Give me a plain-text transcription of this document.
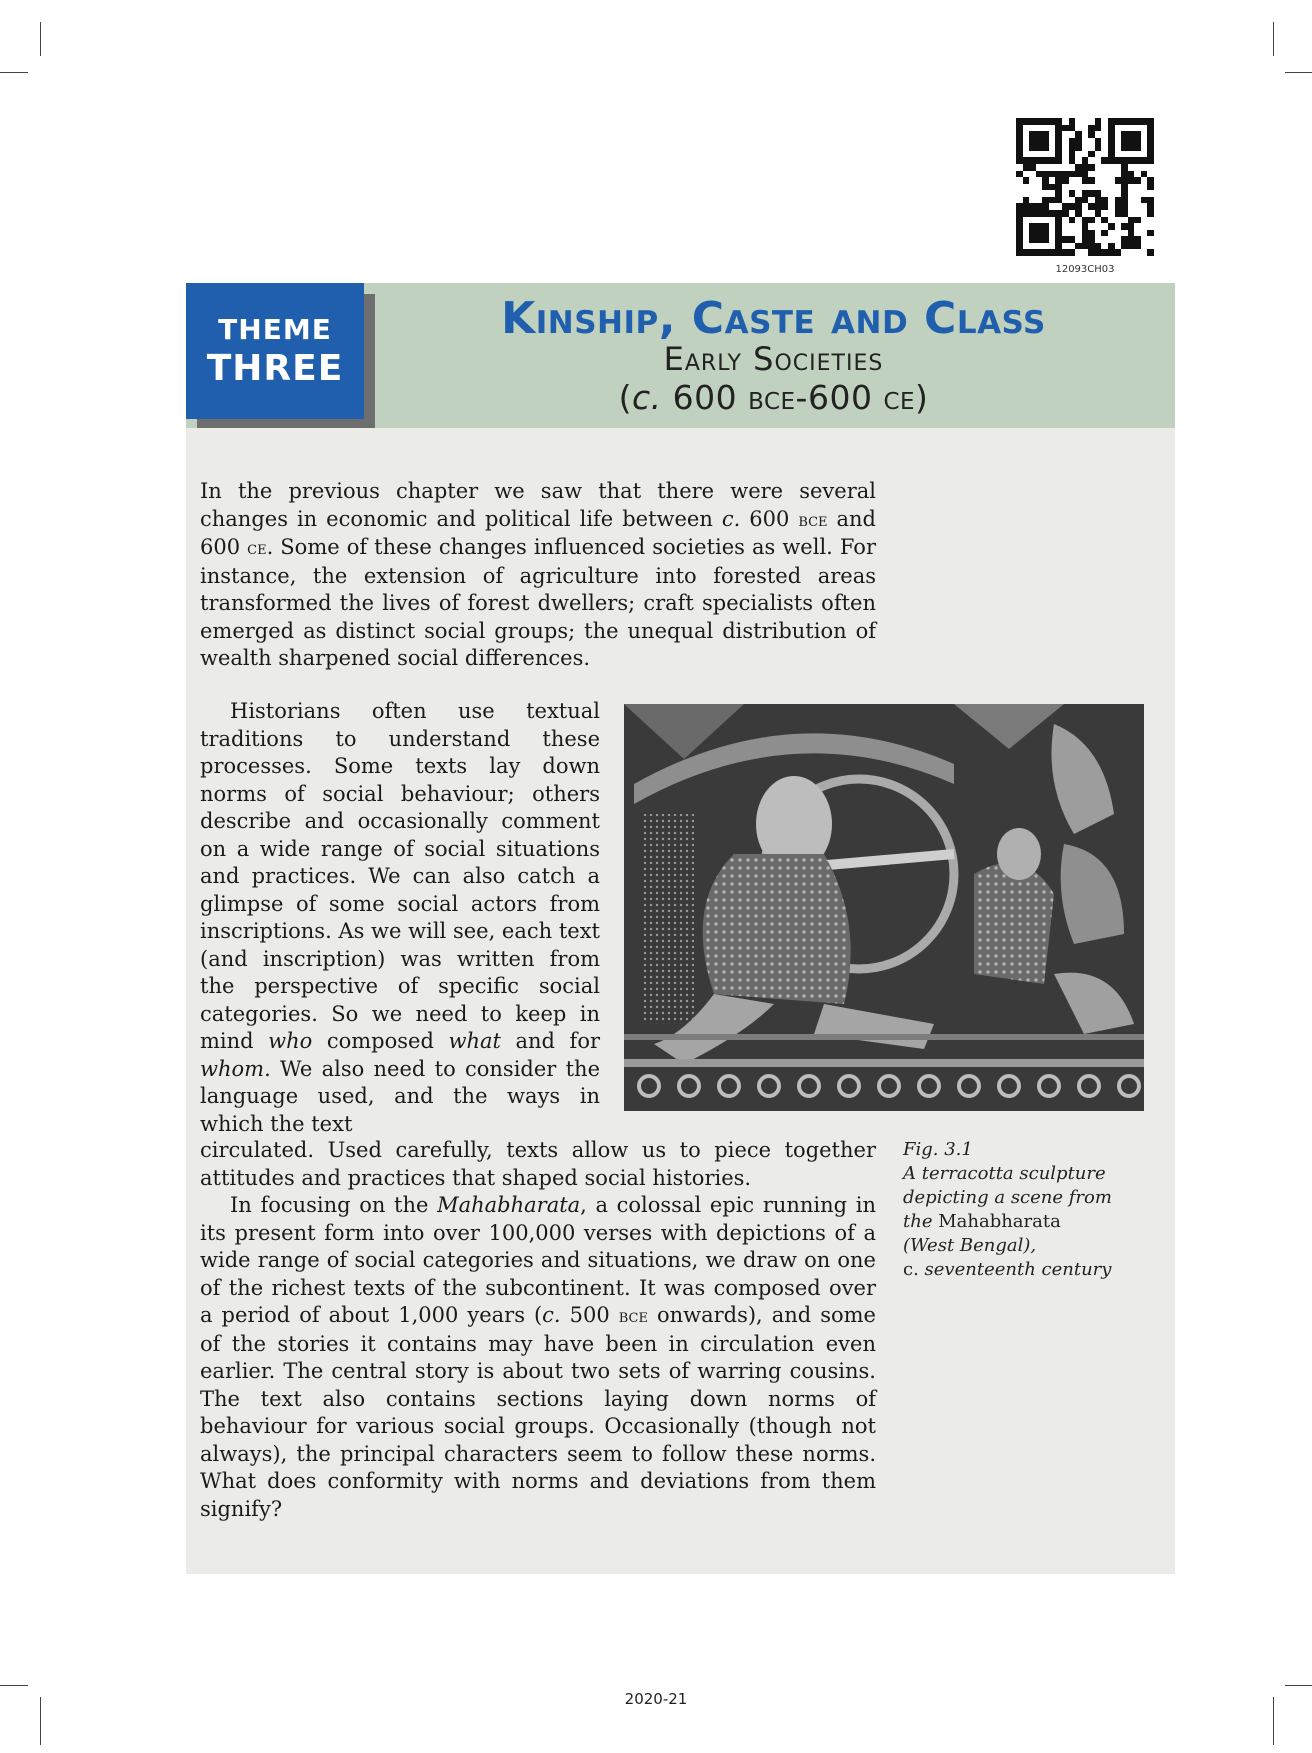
12093CH03
THEME
THREE
Kinship, Caste and Class
Early Societies
(c. 600 bce-600 ce)

In the previous chapter we saw that there were several changes in economic and political life between c. 600 bce and 600 ce. Some of these changes influenced societies as well. For instance, the extension of agriculture into forested areas transformed the lives of forest dwellers; craft specialists often emerged as distinct social groups; the unequal distribution of wealth sharpened social differences.

Historians often use textual traditions to understand these processes. Some texts lay down norms of social behaviour; others describe and occasionally comment on a wide range of social situations and practices. We can also catch a glimpse of some social actors from inscriptions. As we will see, each text (and inscription) was written from the perspective of specific social categories. So we need to keep in mind who composed what and for whom. We also need to consider the language used, and the ways in which the text

circulated. Used carefully, texts allow us to piece together attitudes and practices that shaped social histories.

In focusing on the Mahabharata, a colossal epic running in its present form into over 100,000 verses with depictions of a wide range of social categories and situations, we draw on one of the richest texts of the subcontinent. It was composed over a period of about 1,000 years (c. 500 bce onwards), and some of the stories it contains may have been in circulation even earlier. The central story is about two sets of warring cousins. The text also contains sections laying down norms of behaviour for various social groups. Occasionally (though not always), the principal characters seem to follow these norms. What does conformity with norms and deviations from them signify?

Fig. 3.1
A terracotta sculpture depicting a scene from
the Mahabharata
(West Bengal),
c. seventeenth century
2020-21
